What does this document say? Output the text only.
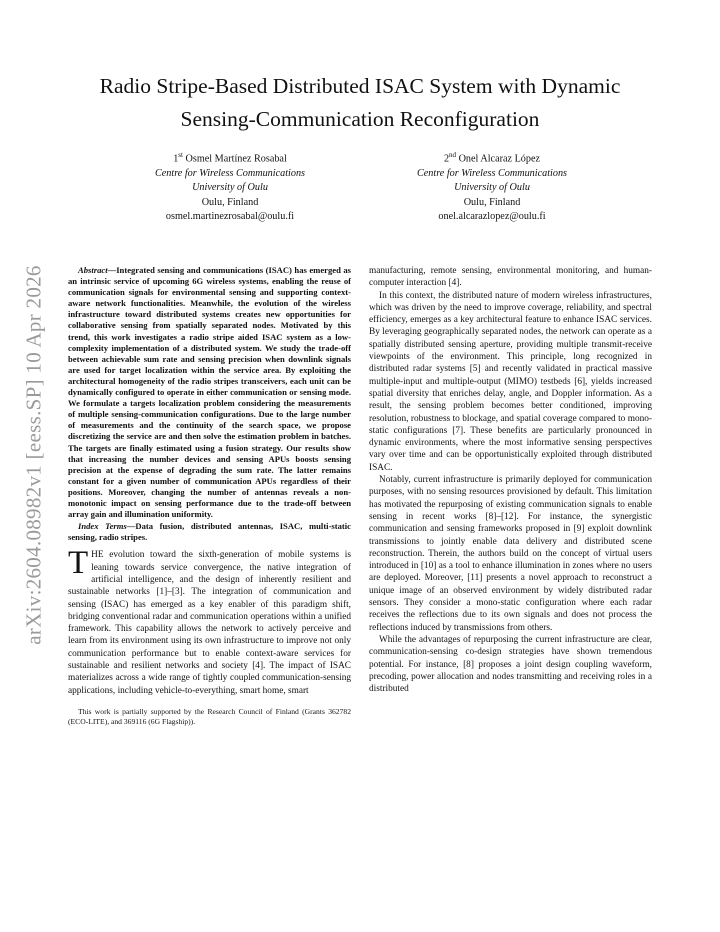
arXiv:2604.08982v1 [eess.SP] 10 Apr 2026
Radio Stripe-Based Distributed ISAC System with Dynamic
Sensing-Communication Reconfiguration
1st Osmel Martínez Rosabal
Centre for Wireless Communications
University of Oulu
Oulu, Finland
osmel.martinezrosabal@oulu.fi
2nd Onel Alcaraz López
Centre for Wireless Communications
University of Oulu
Oulu, Finland
onel.alcarazlopez@oulu.fi

Abstract—Integrated sensing and communications (ISAC) has emerged as an intrinsic service of upcoming 6G wireless systems, enabling the reuse of communication signals for environmental sensing and supporting context-aware network functionalities. Meanwhile, the evolution of the wireless infrastructure toward distributed systems creates new opportunities for collaborative sensing from spatially separated nodes. Motivated by this trend, this work investigates a radio stripe aided ISAC system as a low-complexity implementation of a distributed system. We study the trade-off between achievable sum rate and sensing precision when downlink signals are used for target localization within the service area. By exploiting the architectural homogeneity of the radio stripes transceivers, each unit can be dynamically configured to operate in either communication or sensing mode. We formulate a targets localization problem considering the measurements of multiple sensing-communication configurations. Due to the large number of measurements and the continuity of the search space, we propose discretizing the service are and then solve the estimation problem in batches. The targets are finally estimated using a fusion strategy. Our results show that increasing the number devices and sensing APUs boosts sensing precision at the expense of degrading the sum rate. The latter remains constant for a given number of communication APUs regardless of their positions. Moreover, changing the number of antennas reveals a non-monotonic impact on sensing performance due to the trade-off between array gain and illumination uniformity.

Index Terms—Data fusion, distributed antennas, ISAC, multi-static sensing, radio stripes.

THE evolution toward the sixth-generation of mobile systems is leaning towards service convergence, the native integration of artificial intelligence, and the design of inherently resilient and sustainable networks [1]–[3]. The integration of communication and sensing (ISAC) has emerged as a key enabler of this paradigm shift, bridging conventional radar and communication operations within a unified framework. This capability allows the network to actively perceive and learn from its environment using its own infrastructure to improve not only communication performance but to enable context-aware services for sustainable and resilient networks and society [4]. The impact of ISAC materializes across a wide range of tightly coupled communication-sensing applications, including vehicle-to-everything, smart home, smart

This work is partially supported by the Research Council of Finland (Grants 362782 (ECO-LITE), and 369116 (6G Flagship)).

manufacturing, remote sensing, environmental monitoring, and human-computer interaction [4].

In this context, the distributed nature of modern wireless infrastructures, which was driven by the need to improve coverage, reliability, and spectral efficiency, emerges as a key architectural feature to enhance ISAC services. By leveraging geographically separated nodes, the network can operate as a spatially distributed sensing aperture, providing multiple transmit-receive viewpoints of the environment. This principle, long recognized in distributed radar systems [5] and recently validated in practical massive multiple-input and multiple-output (MIMO) testbeds [6], yields increased spatial diversity that enriches delay, angle, and Doppler information. As a result, the sensing problem becomes better conditioned, improving resolution, robustness to blockage, and spatial coverage compared to mono-static configurations [7]. These benefits are particularly pronounced in dynamic environments, where the most informative sensing perspectives vary over time and can be opportunistically exploited through distributed ISAC.

Notably, current infrastructure is primarily deployed for communication purposes, with no sensing resources provisioned by default. This limitation has motivated the repurposing of existing communication signals to enable sensing in recent works [8]–[12]. For instance, the synergistic communication and sensing frameworks proposed in [9] exploit downlink transmissions to jointly enable data delivery and distributed scene reconstruction. Therein, the authors build on the concept of virtual users introduced in [10] as a tool to enhance illumination in zones where no users are deployed. Moreover, [11] presents a novel approach to reconstruct a unique image of an observed environment by widely distributed radar sensors. They consider a mono-static configuration where each radar receives the reflections due to its own signals and does not process the reflections induced by transmissions from others.

While the advantages of repurposing the current infrastructure are clear, communication-sensing co-design strategies have shown tremendous potential. For instance, [8] proposes a joint design coupling waveform, precoding, power allocation and nodes transmitting and receiving roles in a distributed
